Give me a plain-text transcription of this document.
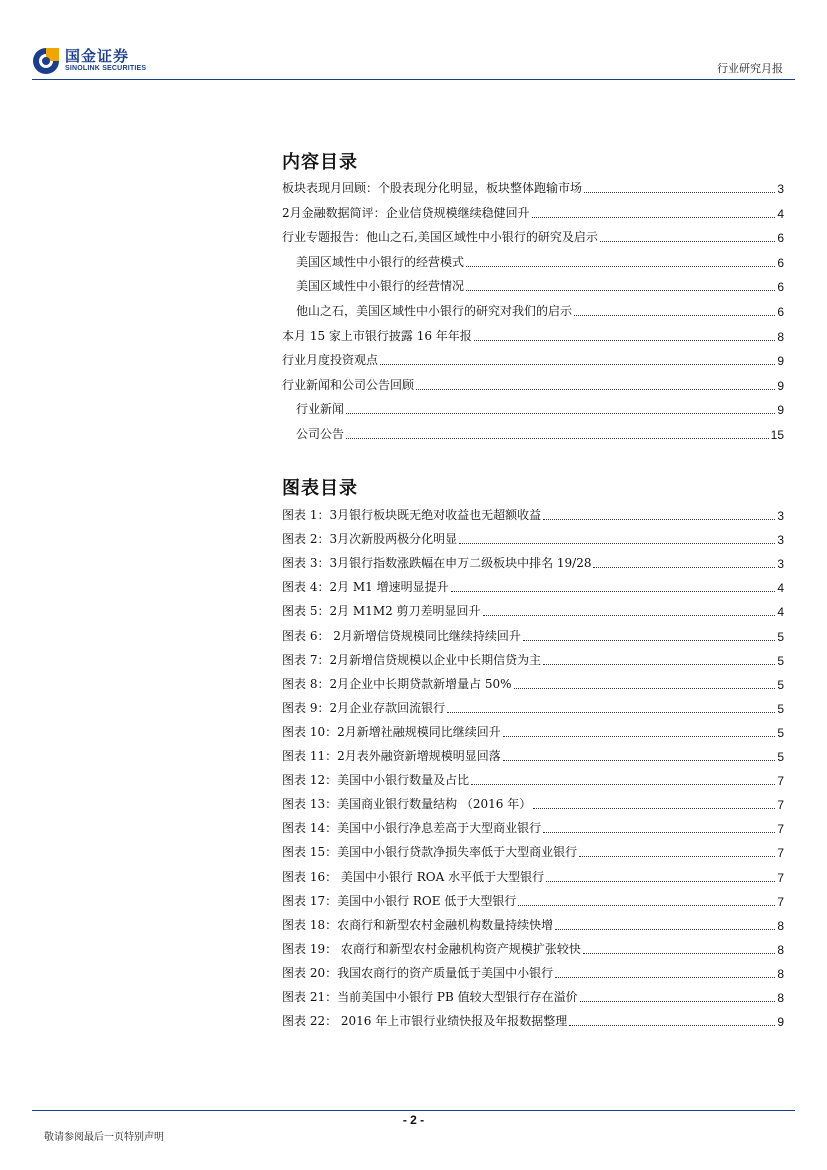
国金证券
SINOLINK SECURITIES	行业研究月报
内容目录
板块表现月回顾：个股表现分化明显，板块整体跑输市场	3
2月金融数据简评：企业信贷规模继续稳健回升	4
行业专题报告：他山之石,美国区域性中小银行的研究及启示	6
美国区域性中小银行的经营模式	6
美国区域性中小银行的经营情况	6
他山之石，美国区域性中小银行的研究对我们的启示	6
本月 15 家上市银行披露 16 年年报	8
行业月度投资观点	9
行业新闻和公司公告回顾	9
行业新闻	9
公司公告	15
图表目录
图表 1：3月银行板块既无绝对收益也无超额收益	3
图表 2：3月次新股两极分化明显	3
图表 3：3月银行指数涨跌幅在申万二级板块中排名 19/28	3
图表 4：2月 M1 增速明显提升	4
图表 5：2月 M1M2 剪刀差明显回升	4
图表 6： 2月新增信贷规模同比继续持续回升	5
图表 7：2月新增信贷规模以企业中长期信贷为主	5
图表 8：2月企业中长期贷款新增量占 50%	5
图表 9：2月企业存款回流银行	5
图表 10：2月新增社融规模同比继续回升	5
图表 11：2月表外融资新增规模明显回落	5
图表 12：美国中小银行数量及占比	7
图表 13：美国商业银行数量结构 （2016 年）	7
图表 14：美国中小银行净息差高于大型商业银行	7
图表 15：美国中小银行贷款净损失率低于大型商业银行	7
图表 16： 美国中小银行 ROA 水平低于大型银行	7
图表 17：美国中小银行 ROE 低于大型银行	7
图表 18：农商行和新型农村金融机构数量持续快增	8
图表 19： 农商行和新型农村金融机构资产规模扩张较快	8
图表 20：我国农商行的资产质量低于美国中小银行	8
图表 21：当前美国中小银行 PB 值较大型银行存在溢价	8
图表 22： 2016 年上市银行业绩快报及年报数据整理	9
- 2 -
敬请参阅最后一页特别声明
